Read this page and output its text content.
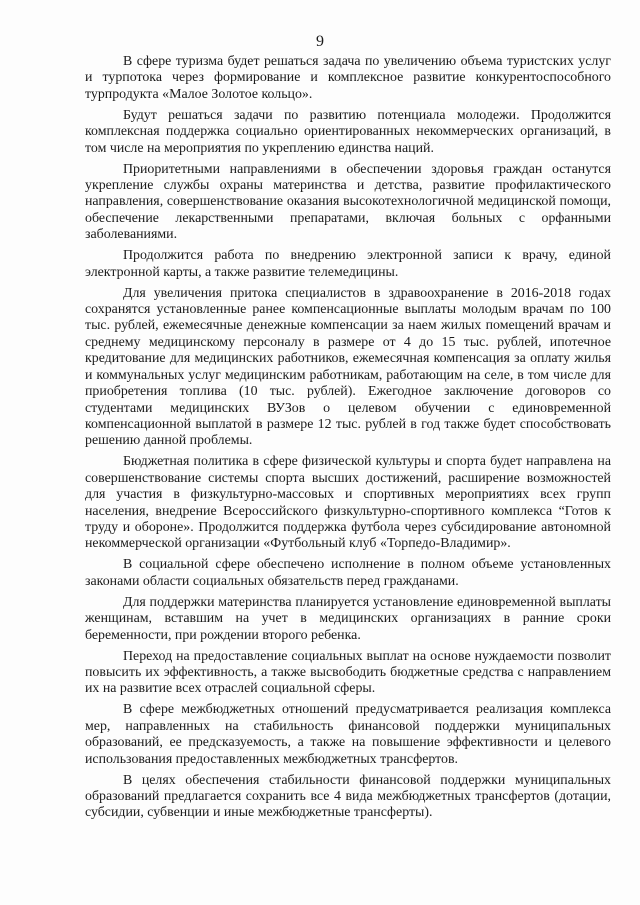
9

В сфере туризма будет решаться задача по увеличению объема туристских услуг и турпотока через формирование и комплексное развитие конкурентоспособного турпродукта «Малое Золотое кольцо».

Будут решаться задачи по развитию потенциала молодежи. Продолжится комплексная поддержка социально ориентированных некоммерческих организаций, в том числе на мероприятия по укреплению единства наций.

Приоритетными направлениями в обеспечении здоровья граждан останутся укрепление службы охраны материнства и детства, развитие профилактического направления, совершенствование оказания высокотехнологичной медицинской помощи, обеспечение лекарственными препаратами, включая больных с орфанными заболеваниями.

Продолжится работа по внедрению электронной записи к врачу, единой электронной карты, а также развитие телемедицины.

Для увеличения притока специалистов в здравоохранение в 2016-2018 годах сохранятся установленные ранее компенсационные выплаты молодым врачам по 100 тыс. рублей, ежемесячные денежные компенсации за наем жилых помещений врачам и среднему медицинскому персоналу в размере от 4 до 15 тыс. рублей, ипотечное кредитование для медицинских работников, ежемесячная компенсация за оплату жилья и коммунальных услуг медицинским работникам, работающим на селе, в том числе для приобретения топлива (10 тыс. рублей). Ежегодное заключение договоров со студентами медицинских ВУЗов о целевом обучении с единовременной компенсационной выплатой в размере 12 тыс. рублей в год также будет способствовать решению данной проблемы.

Бюджетная политика в сфере физической культуры и спорта будет направлена на совершенствование системы спорта высших достижений, расширение возможностей для участия в физкультурно-массовых и спортивных мероприятиях всех групп населения, внедрение Всероссийского физкультурно-спортивного комплекса “Готов к труду и обороне». Продолжится поддержка футбола через субсидирование автономной некоммерческой организации «Футбольный клуб «Торпедо-Владимир».

В социальной сфере обеспечено исполнение в полном объеме установленных законами области социальных обязательств перед гражданами.

Для поддержки материнства планируется установление единовременной выплаты женщинам, вставшим на учет в медицинских организациях в ранние сроки беременности, при рождении второго ребенка.

Переход на предоставление социальных выплат на основе нуждаемости позволит повысить их эффективность, а также высвободить бюджетные средства с направлением их на развитие всех отраслей социальной сферы.

В сфере межбюджетных отношений предусматривается реализация комплекса мер, направленных на стабильность финансовой поддержки муниципальных образований, ее предсказуемость, а также на повышение эффективности и целевого использования предоставленных межбюджетных трансфертов.

В целях обеспечения стабильности финансовой поддержки муниципальных образований предлагается сохранить все 4 вида межбюджетных трансфертов (дотации, субсидии, субвенции и иные межбюджетные трансферты).
